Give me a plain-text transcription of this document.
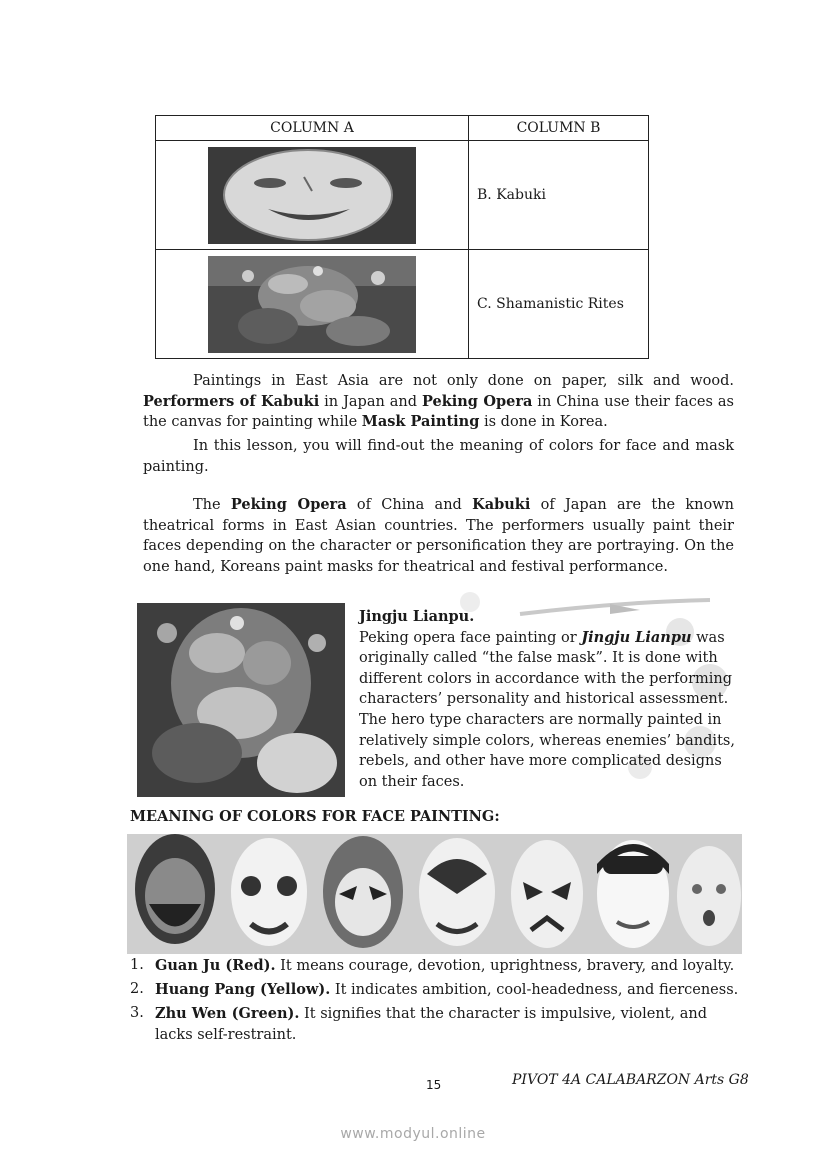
COLUMN A	COLUMN B

	B. Kabuki

	C. Shamanistic Rites
Paintings in East Asia are not only done on paper, silk and wood. Performers of Kabuki in Japan and Peking Opera in China use their faces as the canvas for painting while Mask Painting is done in Korea.
In this lesson, you will find-out the meaning of colors for face and mask painting.
The Peking Opera of China and Kabuki of Japan are the known theatrical forms in East Asian countries. The performers usually paint their faces depending on the character or personification they are portraying. On the one hand, Koreans paint masks for theatrical and festival performance.
Jingju Lianpu.
Peking opera face painting or Jingju Lianpu was originally called “the false mask”. It is done with different colors in accordance with the performing characters’ personality and historical assessment. The hero type characters are normally painted in relatively simple colors, whereas enemies’ bandits, rebels, and other have more complicated designs on their faces.
MEANING OF COLORS FOR FACE PAINTING:
1. Guan Ju (Red). It means courage, devotion, uprightness, bravery, and loyalty.
2. Huang Pang (Yellow). It indicates ambition, cool-headedness, and fierceness.
3. Zhu Wen (Green). It signifies that the character is impulsive, violent, and lacks self-restraint.
15	PIVOT 4A CALABARZON Arts G8
www.modyul.online
